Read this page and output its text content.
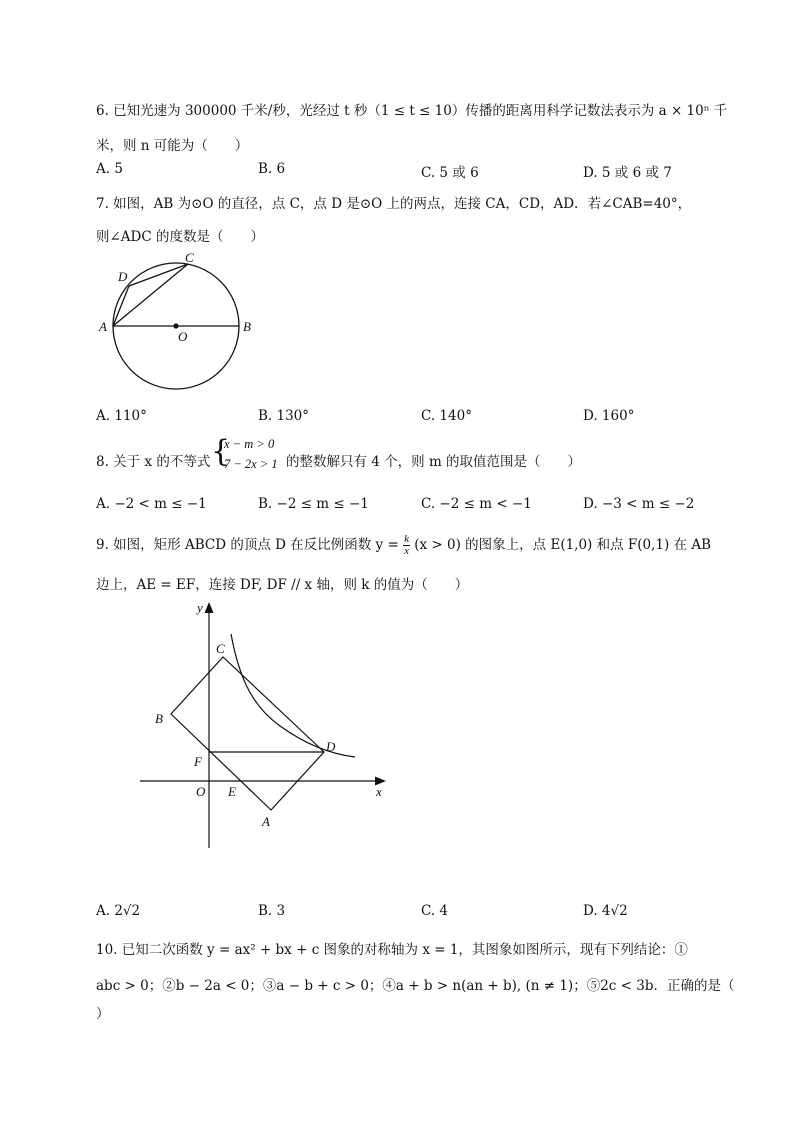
6. 已知光速为 300000 千米/秒，光经过 t 秒（1 ≤ t ≤ 10）传播的距离用科学记数法表示为 a × 10ⁿ 千
米，则 n 可能为（　　）
A. 5	B. 6	C. 5 或 6	D. 5 或 6 或 7
7. 如图，AB 为⊙O 的直径，点 C，点 D 是⊙O 上的两点，连接 CA，CD，AD．若∠CAB=40°，
则∠ADC 的度数是（　　）
A	B
C
D
O
A. 110°	B. 130°	C. 140°	D. 160°
8. 关于 x 的不等式 {
x − m > 0
7 − 2x > 1 的整数解只有 4 个，则 m 的取值范围是（　　）
A. −2 < m ≤ −1	B. −2 ≤ m ≤ −1	C. −2 ≤ m < −1	D. −3 < m ≤ −2
9. 如图，矩形 ABCD 的顶点 D 在反比例函数 $y = \frac{k}{x} (x > 0)$ 的图象上，点 E(1,0) 和点 F(0,1) 在 AB
边上，AE = EF，连接 DF, DF // x 轴，则 k 的值为（　　）
y
x
O E
A
B
C
D
F
A. 2√2	B. 3	C. 4	D. 4√2
10. 已知二次函数 y = ax² + bx + c 图象的对称轴为 x = 1，其图象如图所示，现有下列结论：①
abc > 0；②b − 2a < 0；③a − b + c > 0；④a + b > n(an + b), (n ≠ 1)；⑤2c < 3b．正确的是（
）
